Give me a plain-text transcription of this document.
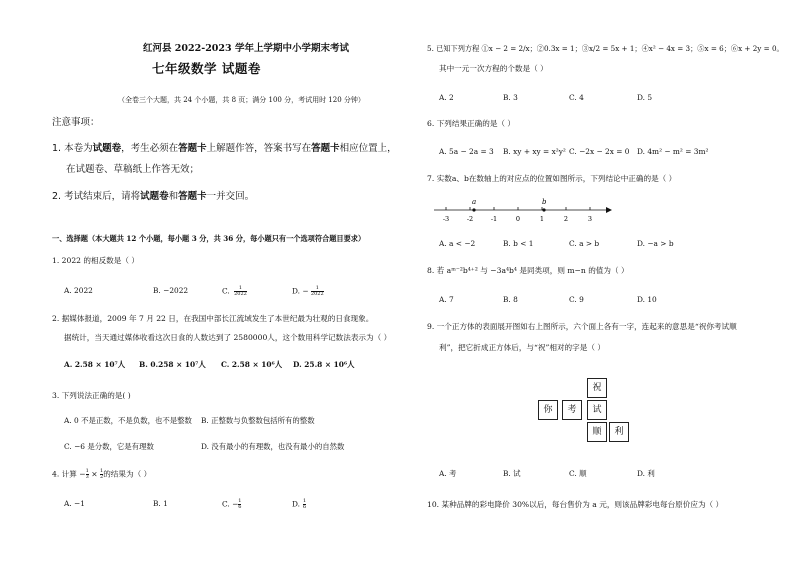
红河县 2022-2023 学年上学期中小学期末考试
七年级数学 试题卷
（全卷三个大题，共 24 个小题，共 8 页；满分 100 分，考试用时 120 分钟）
注意事项：
1. 本卷为试题卷，考生必须在答题卡上解题作答，答案书写在答题卡相应位置上，
在试题卷、草稿纸上作答无效；
2. 考试结束后，请将试题卷和答题卡一并交回。
一、选择题（本大题共 12 个小题，每小题 3 分，共 36 分，每小题只有一个选项符合题目要求）
1. 2022 的相反数是（ ）
A. 2022	B. −2022	C. $\frac{1}{2022}$	D. − $\frac{1}{2022}$
2. 据媒体报道，2009 年 7 月 22 日，在我国中部长江流域发生了本世纪最为壮观的日食现象。
据统计，当天通过媒体收看这次日食的人数达到了 2580000人，这个数用科学记数法表示为（ ）
A. 2.58 × 10⁷人 B. 0.258 × 10⁷人 C. 2.58 × 10⁶人 D. 25.8 × 10⁶人
3. 下列说法正确的是( )
A. 0 不是正数，不是负数，也不是整数 B. 正整数与负整数包括所有的整数
C. −6 是分数，它是有理数	D. 没有最小的有理数，也没有最小的自然数
4. 计算 − $\frac{1}{3} \times \frac{1}{2}$ 的结果为（ ）
A. −1	B. 1	C. − $\frac{1}{6}$	D. $\frac{1}{6}$
5. 已知下列方程 ①x − 2 = 2/x；②0.3x = 1；③x/2 = 5x + 1；④x² − 4x = 3；⑤x = 6；⑥x + 2y = 0。
其中一元一次方程的个数是（ ）
A. 2	B. 3	C. 4	D. 5
6. 下列结果正确的是（ ）
A. 5a − 2a = 3 B. xy + xy = x²y² C. −2x − 2x = 0 D. 4m² − m² = 3m²
7. 实数a、b在数轴上的对应点的位置如图所示，下列结论中正确的是（ ）
-3	-2	-1	0	1	2	3
a	b
A. a < −2	B. b < 1	C. a > b	D. −a > b
8. 若 aᵐ⁻²b⁴⁺² 与 −3a⁴b⁴ 是同类项，则 m−n 的值为（ ）
A. 7	B. 8	C. 9	D. 10
9. 一个正方体的表面展开图如右上图所示，六个面上各有一字，连起来的意思是“祝你考试顺
利”，把它折成正方体后，与“祝”相对的字是（ ）
祝
你	考	试
顺	利
A. 考	B. 试	C. 顺	D. 利
10. 某种品牌的彩电降价 30%以后，每台售价为 a 元，则该品牌彩电每台原价应为（ ）
